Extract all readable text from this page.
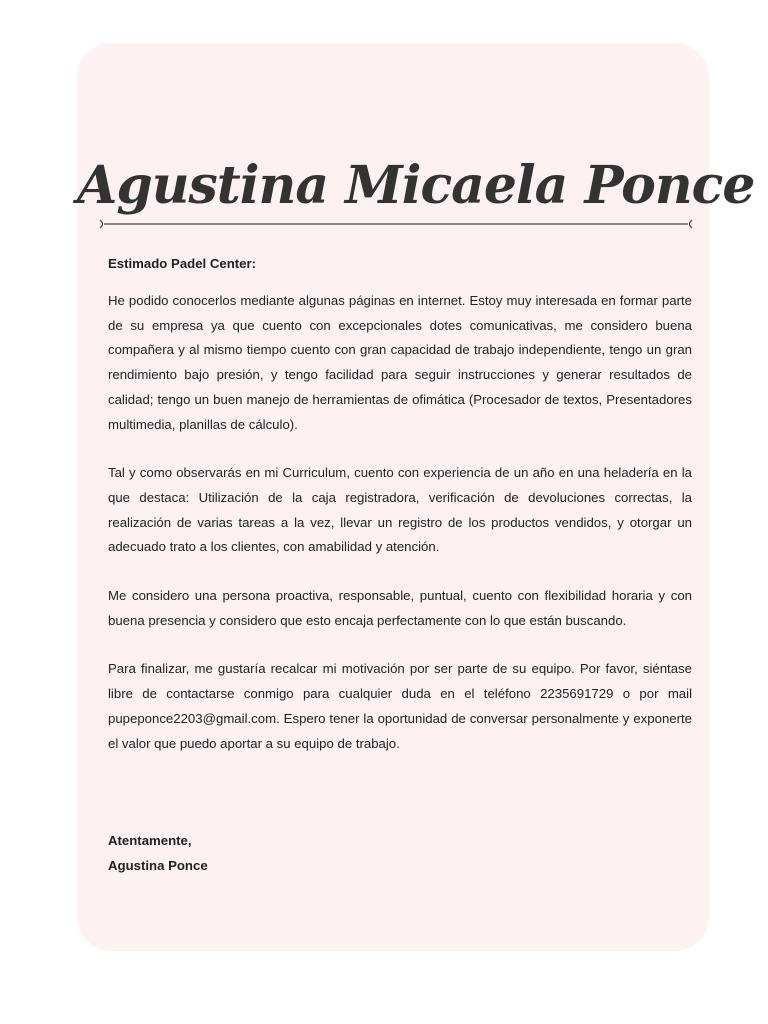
Agustina Micaela Ponce

Estimado Padel Center:

He podido conocerlos mediante algunas páginas en internet. Estoy muy interesada en formar parte de su empresa ya que cuento con excepcionales dotes comunicativas, me considero buena compañera y al mismo tiempo cuento con gran capacidad de trabajo independiente, tengo un gran rendimiento bajo presión, y tengo facilidad para seguir instrucciones y generar resultados de calidad; tengo un buen manejo de herramientas de ofimática (Procesador de textos, Presentadores multimedia, planillas de cálculo).

Tal y como observarás en mi Curriculum, cuento con experiencia de un año en una heladería en la que destaca: Utilización de la caja registradora, verificación de devoluciones correctas, la realización de varias tareas a la vez, llevar un registro de los productos vendidos, y otorgar un adecuado trato a los clientes, con amabilidad y atención.

Me considero una persona proactiva, responsable, puntual, cuento con flexibilidad horaria y con buena presencia y considero que esto encaja perfectamente con lo que están buscando.

Para finalizar, me gustaría recalcar mi motivación por ser parte de su equipo. Por favor, siéntase libre de contactarse conmigo para cualquier duda en el teléfono 2235691729 o por mail pupeponce2203@gmail.com. Espero tener la oportunidad de conversar personalmente y exponerte el valor que puedo aportar a su equipo de trabajo.

Atentamente,
Agustina Ponce
